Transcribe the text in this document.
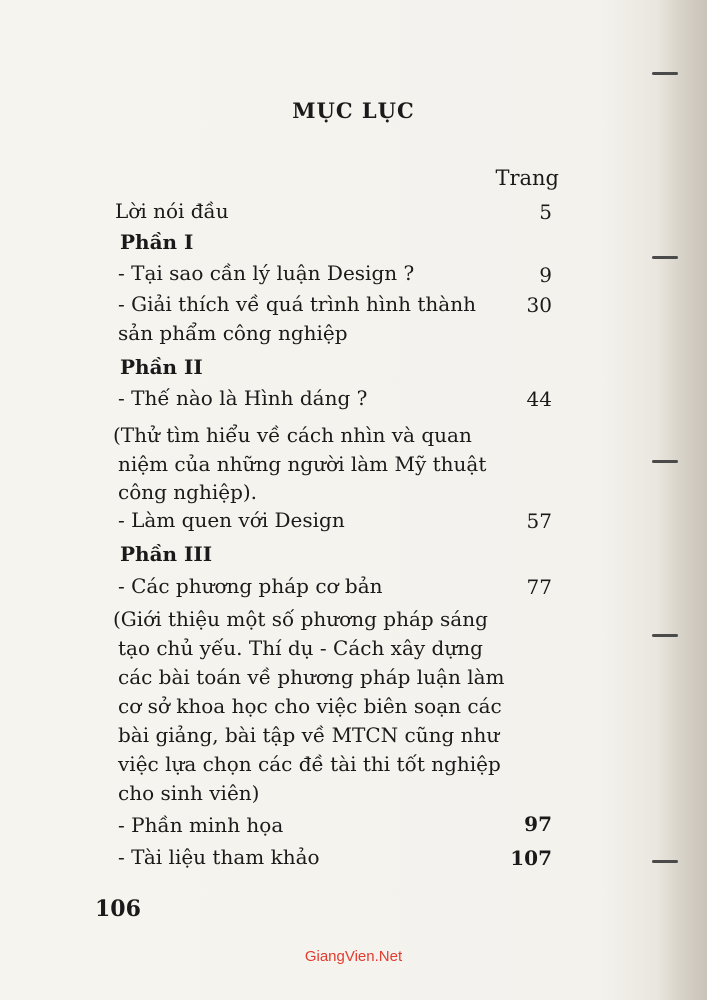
MỤC LỤC
Trang
Lời nói đầu	5
Phần I
- Tại sao cần lý luận Design ?	9
- Giải thích về quá trình hình thành	30
sản phẩm công nghiệp
Phần II
- Thế nào là Hình dáng ?	44
(Thử tìm hiểu về cách nhìn và quan
niệm của những người làm Mỹ thuật
công nghiệp).
- Làm quen với Design	57
Phần III
- Các phương pháp cơ bản	77
(Giới thiệu một số phương pháp sáng
tạo chủ yếu. Thí dụ - Cách xây dựng
các bài toán về phương pháp luận làm
cơ sở khoa học cho việc biên soạn các
bài giảng, bài tập về MTCN cũng như
việc lựa chọn các đề tài thi tốt nghiệp
cho sinh viên)
- Phần minh họa	97
- Tài liệu tham khảo	107
106
GiangVien.Net
